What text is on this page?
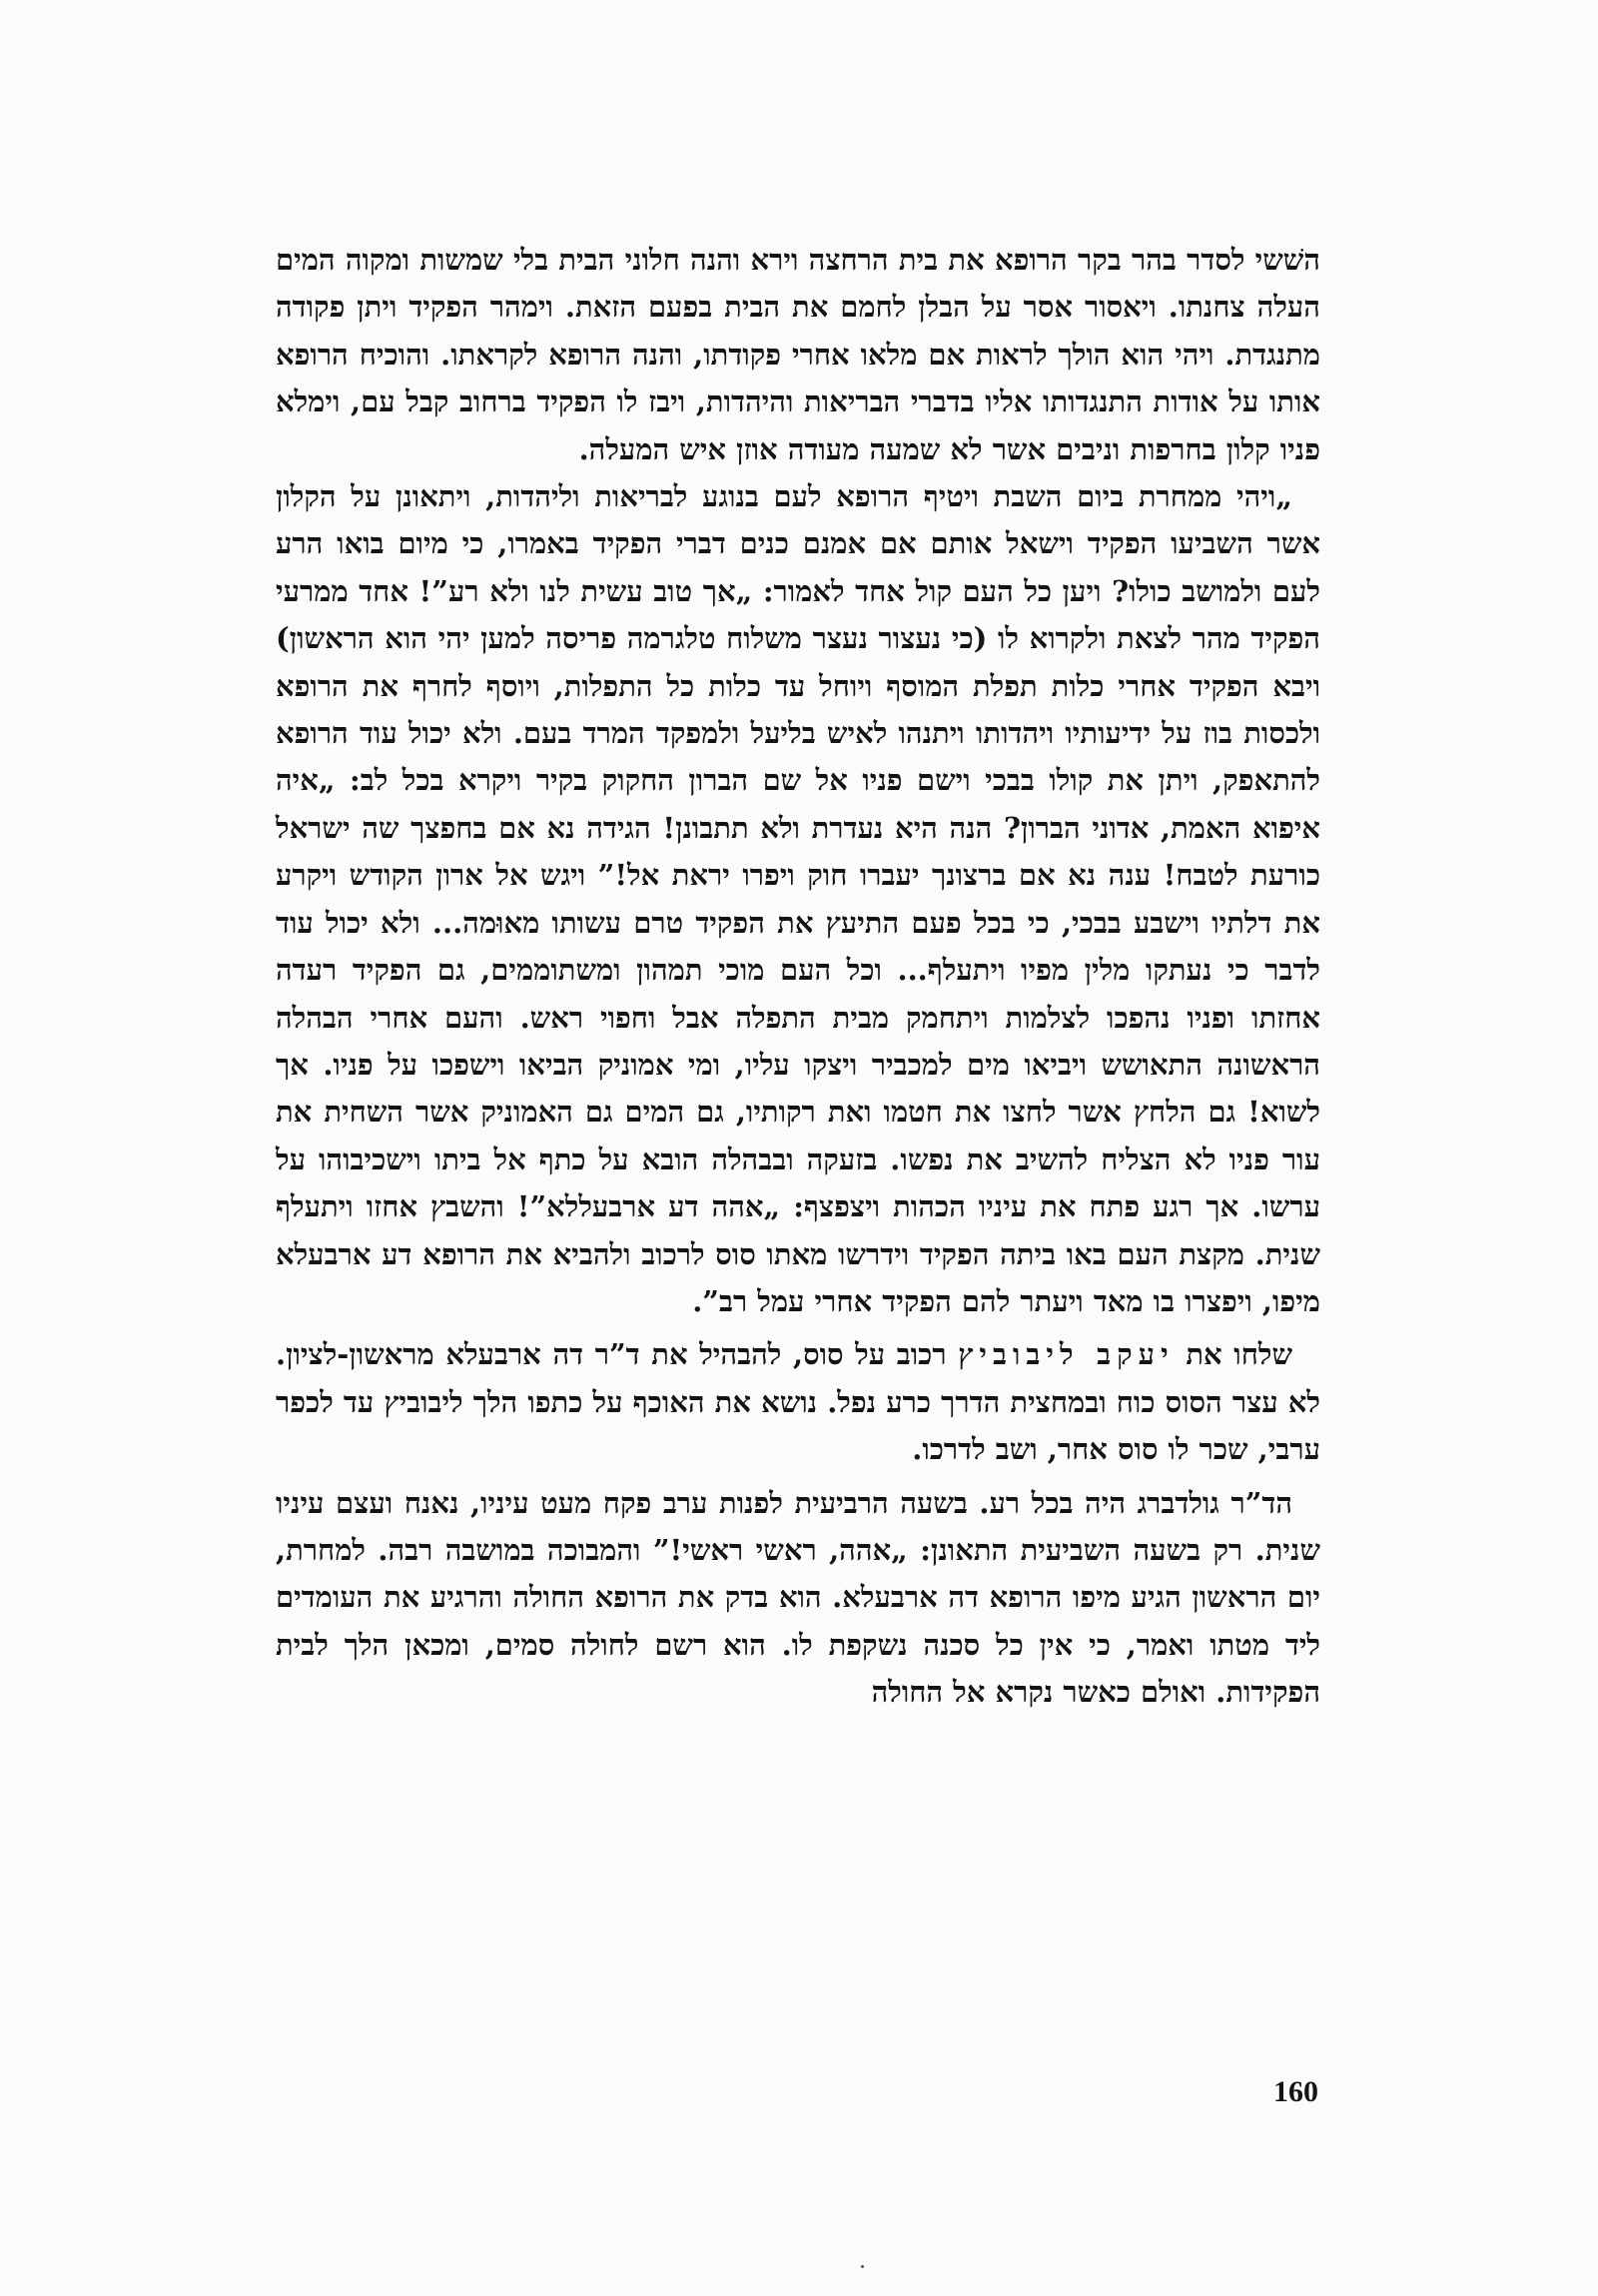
השׁשי לסדר בהר בקר הרופא את בית הרחצה וירא והנה חלוני הבית בלי שמשות ומקוה המים העלה צחנתו. ויאסור אסר על הבלן לחמם את הבית בפעם הזאת. וימהר הפקיד ויתן פקודה מתנגדת. ויהי הוא הולך לראות אם מלאו אחרי פקודתו, והנה הרופא לקראתו. והוכיח הרופא אותו על אודות התנגדותו אליו בדברי הבריאות והיהדות, ויבז לו הפקיד ברחוב קבל עם, וימלא פניו קלון בחרפות וניבים אשר לא שמעה מעודה אוזן איש המעלה.

„ויהי ממחרת ביום השבת ויטיף הרופא לעם בנוגע לבריאות וליהדות, ויתאונן על הקלון אשר השביעו הפקיד וישאל אותם אם אמנם כנים דברי הפקיד באמרו, כי מיום בואו הרע לעם ולמושב כולו? ויען כל העם קול אחד לאמור: „אך טוב עשית לנו ולא רע”! אחד ממרעי הפקיד מהר לצאת ולקרוא לו (כי נעצור נעצר משלוח טלגרמה פריסה למען יהי הוא הראשון) ויבא הפקיד אחרי כלות תפלת המוסף ויוחל עד כלות כל התפלות, ויוסף לחרף את הרופא ולכסות בוז על ידיעותיו ויהדותו ויתנהו לאיש בליעל ולמפקד המרד בעם. ולא יכול עוד הרופא להתאפק, ויתן את קולו בבכי וישם פניו אל שם הברון החקוק בקיר ויקרא בכל לב: „איה איפוא האמת, אדוני הברון? הנה היא נעדרת ולא תתבונן! הגידה נא אם בחפצך שה ישראל כורעת לטבח! ענה נא אם ברצונך יעברו חוק ויפרו יראת אל!” ויגש אל ארון הקודש ויקרע את דלתיו וישבע בבכי, כי בכל פעם התיעץ את הפקיד טרם עשותו מאוּמה... ולא יכול עוד לדבר כי נעתקו מלין מפיו ויתעלף... וכל העם מוכי תמהון ומשתוממים, גם הפקיד רעדה אחזתו ופניו נהפכו לצלמות ויתחמק מבית התפלה אבל וחפוי ראש. והעם אחרי הבהלה הראשונה התאושש ויביאו מים למכביר ויצקו עליו, ומי אמוניק הביאו וישפכו על פניו. אך לשוא! גם הלחץ אשר לחצו את חטמו ואת רקותיו, גם המים גם האמוניק אשר השחית את עור פניו לא הצליח להשיב את נפשו. בזעקה ובבהלה הובא על כתף אל ביתו וישכיבוהו על ערשו. אך רגע פתח את עיניו הכהות ויצפצף: „אהה דע ארבעללא”! והשבץ אחזו ויתעלף שנית. מקצת העם באו ביתה הפקיד וידרשו מאתו סוס לרכוב ולהביא את הרופא דע ארבעלא מיפו, ויפצרו בו מאד ויעתר להם הפקיד אחרי עמל רב”.

שלחו את יעקב ליבוביץ רכוב על סוס, להבהיל את ד”ר דה ארבעלא מראשון-לציון. לא עצר הסוס כוח ובמחצית הדרך כרע נפל. נושא את האוכף על כתפו הלך ליבוביץ עד לכפר ערבי, שכר לו סוס אחר, ושב לדרכו.

הד”ר גולדברג היה בכל רע. בשעה הרביעית לפנות ערב פקח מעט עיניו, נאנח ועצם עיניו שנית. רק בשעה השביעית התאונן: „אהה, ראשי ראשי!” והמבוכה במושבה רבה. למחרת, יום הראשון הגיע מיפו הרופא דה ארבעלא. הוא בדק את הרופא החולה והרגיע את העומדים ליד מטתו ואמר, כי אין כל סכנה נשקפת לו. הוא רשם לחולה סמים, ומכאן הלך לבית הפקידות. ואולם כאשר נקרא אל החולה

160
